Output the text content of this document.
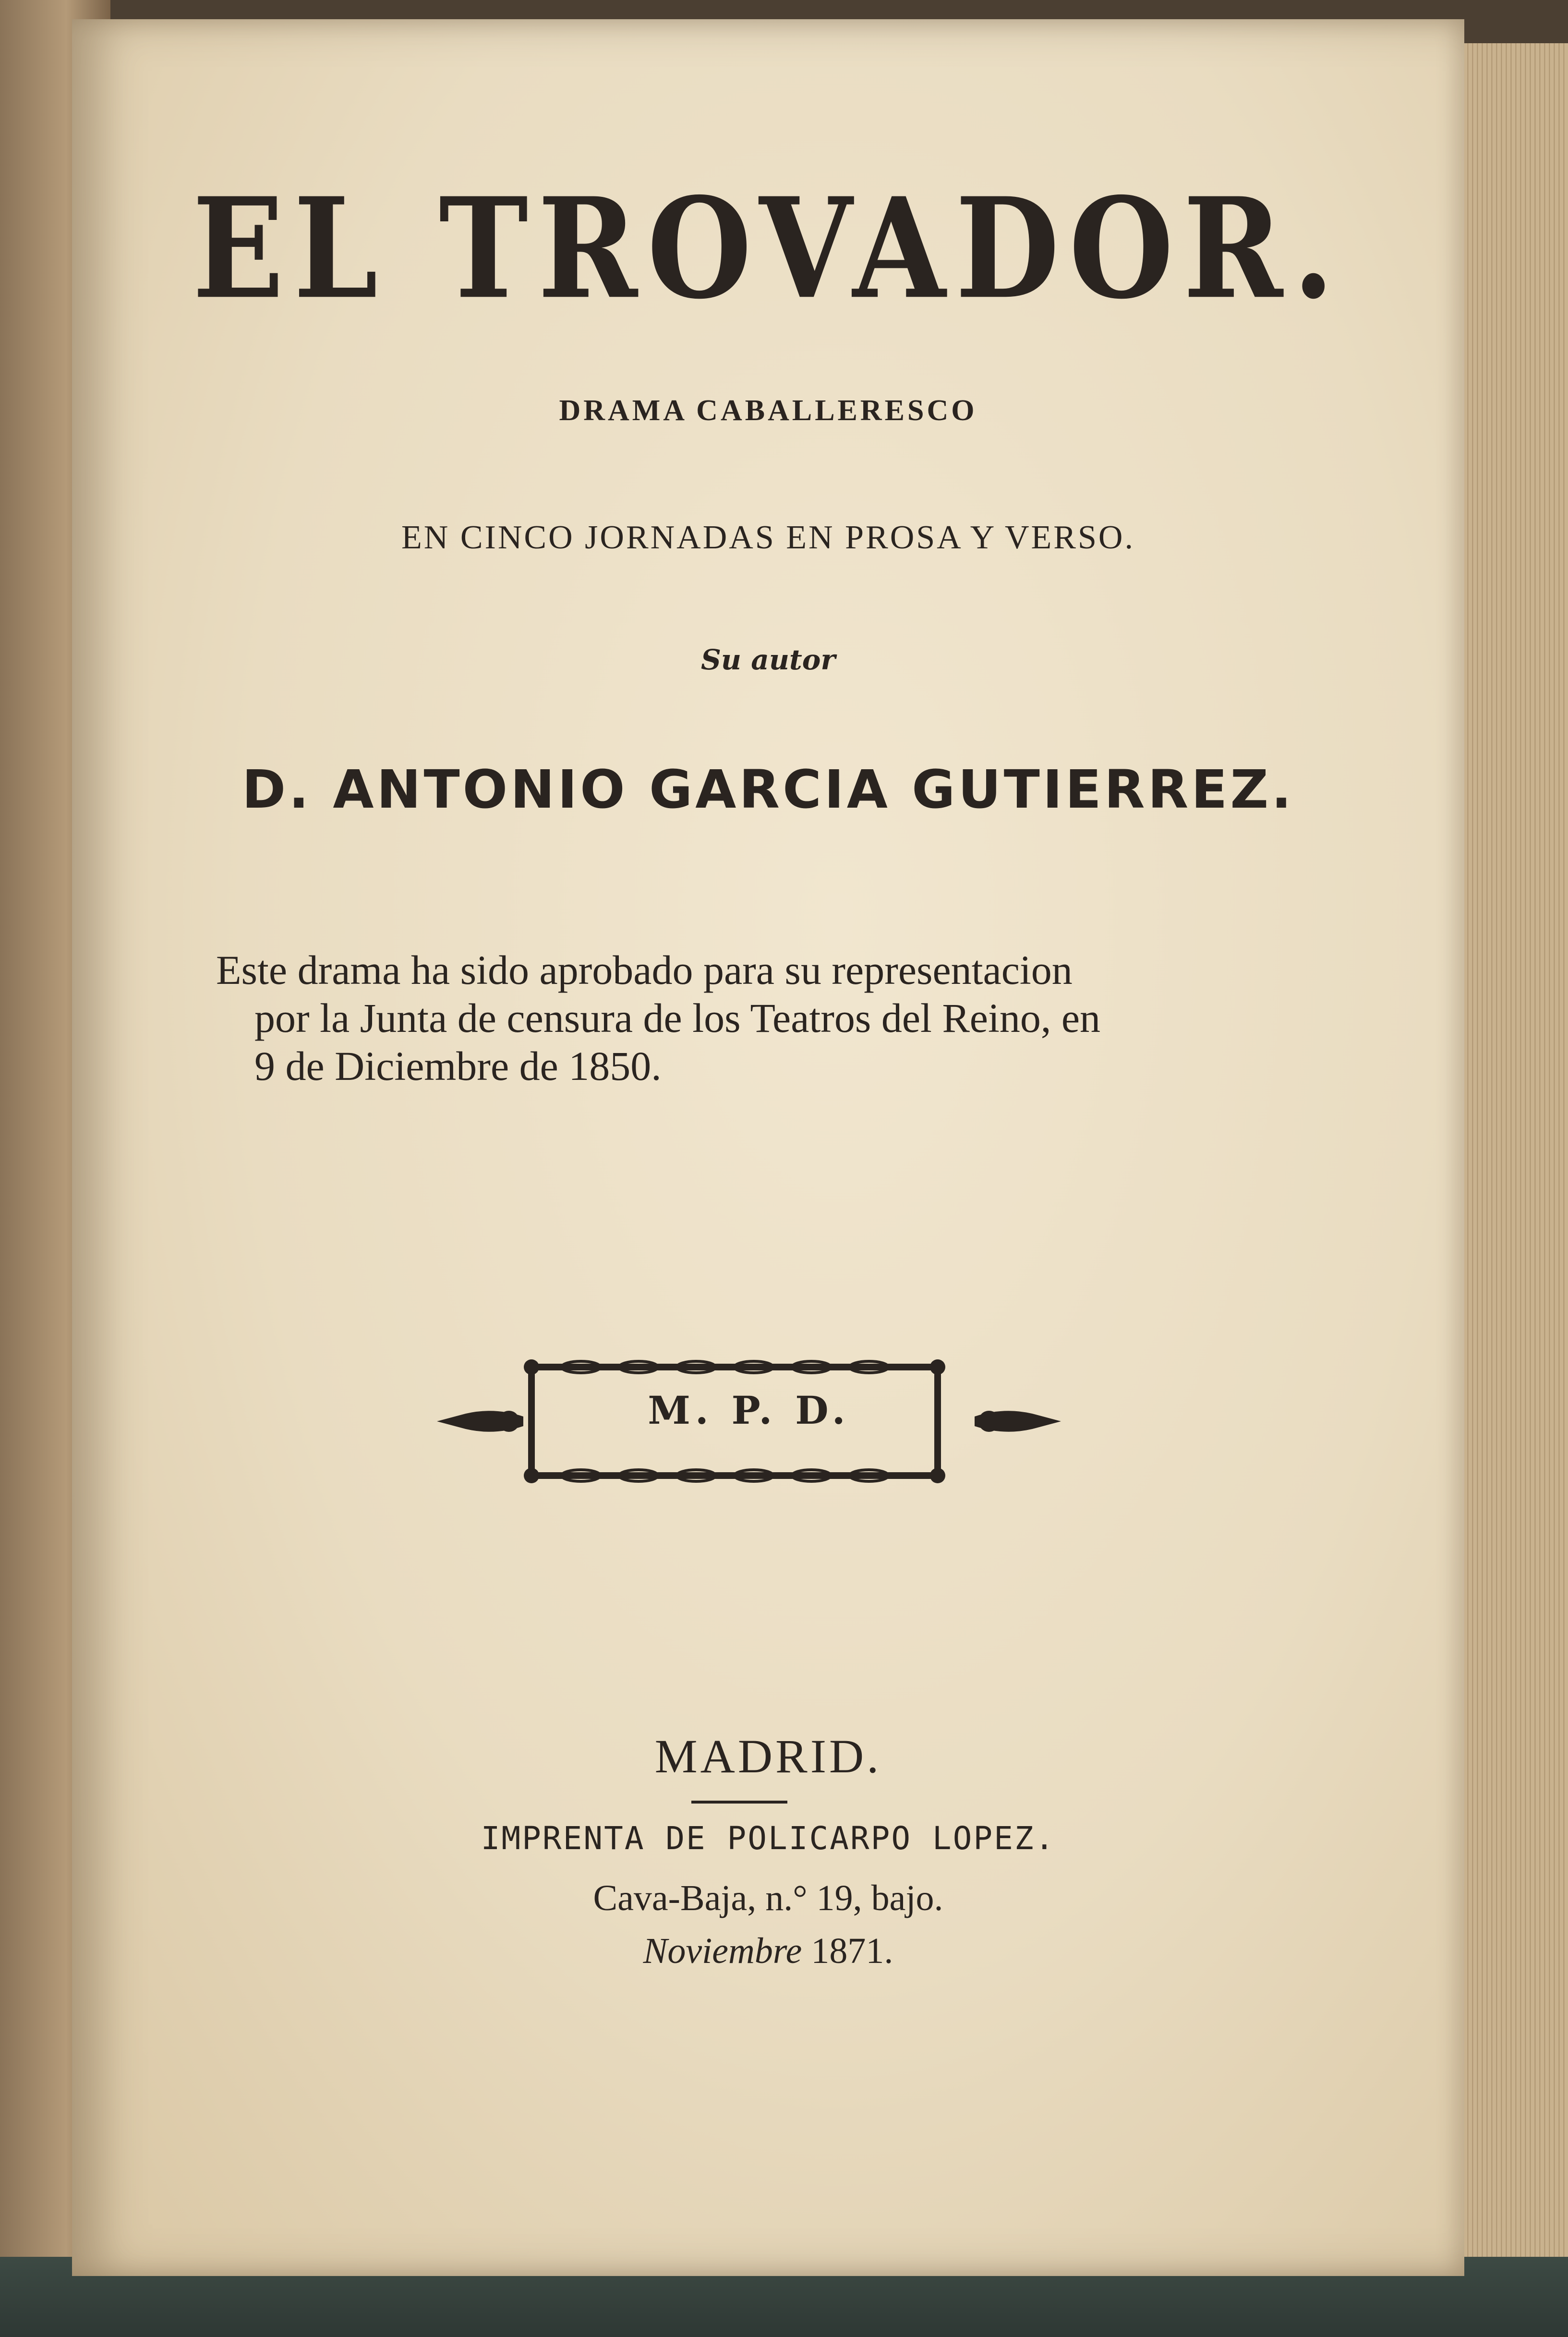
EL TROVADOR.
DRAMA CABALLERESCO
EN CINCO JORNADAS EN PROSA Y VERSO.
Su autor
D. ANTONIO GARCIA GUTIERREZ.
Este drama ha sido aprobado para su representacion
por la Junta de censura de los Teatros del Reino, en
9 de Diciembre de 1850.
M. P. D.
MADRID.
IMPRENTA DE POLICARPO LOPEZ.
Cava-Baja, n.° 19, bajo.
Noviembre 1871.
